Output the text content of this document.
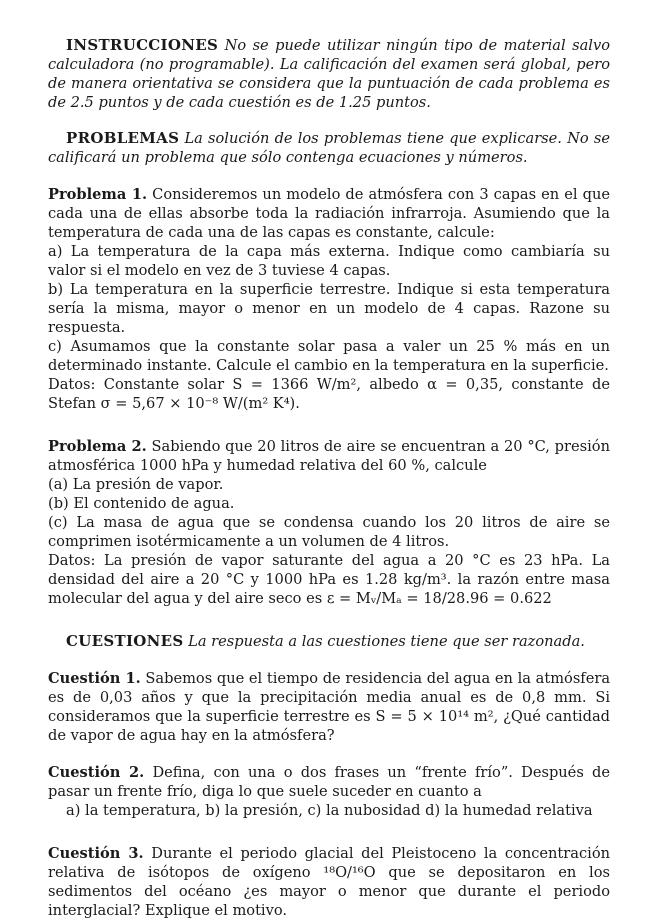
INSTRUCCIONES No se puede utilizar ningún tipo de material salvo calculadora (no programable). La calificación del examen será global, pero de manera orientativa se considera que la puntuación de cada problema es de 2.5 puntos y de cada cuestión es de 1.25 puntos.

PROBLEMAS La solución de los problemas tiene que explicarse. No se calificará un problema que sólo contenga ecuaciones y números.

Problema 1. Consideremos un modelo de atmósfera con 3 capas en el que cada una de ellas absorbe toda la radiación infrarroja. Asumiendo que la temperatura de cada una de las capas es constante, calcule:

a) La temperatura de la capa más externa. Indique como cambiaría su valor si el modelo en vez de 3 tuviese 4 capas.

b) La temperatura en la superficie terrestre. Indique si esta temperatura sería la misma, mayor o menor en un modelo de 4 capas. Razone su respuesta.

c) Asumamos que la constante solar pasa a valer un 25 % más en un determinado instante. Calcule el cambio en la temperatura en la superficie.

Datos: Constante solar S = 1366 W/m², albedo α = 0,35, constante de Stefan σ = 5,67 × 10⁻⁸ W/(m² K⁴).

Problema 2. Sabiendo que 20 litros de aire se encuentran a 20 °C, presión atmosférica 1000 hPa y humedad relativa del 60 %, calcule

(a) La presión de vapor.

(b) El contenido de agua.

(c) La masa de agua que se condensa cuando los 20 litros de aire se comprimen isotérmicamente a un volumen de 4 litros.

Datos: La presión de vapor saturante del agua a 20 °C es 23 hPa. La densidad del aire a 20 °C y 1000 hPa es 1.28 kg/m³. la razón entre masa molecular del agua y del aire seco es ε = Mᵥ/Mₐ = 18/28.96 = 0.622

CUESTIONES La respuesta a las cuestiones tiene que ser razonada.

Cuestión 1. Sabemos que el tiempo de residencia del agua en la atmósfera es de 0,03 años y que la precipitación media anual es de 0,8 mm. Si consideramos que la superficie terrestre es S = 5 × 10¹⁴ m², ¿Qué cantidad de vapor de agua hay en la atmósfera?

Cuestión 2. Defina, con una o dos frases un “frente frío”. Después de pasar un frente frío, diga lo que suele suceder en cuanto a

a) la temperatura, b) la presión, c) la nubosidad d) la humedad relativa

Cuestión 3. Durante el periodo glacial del Pleistoceno la concentración relativa de isótopos de oxígeno ¹⁸O/¹⁶O que se depositaron en los sedimentos del océano ¿es mayor o menor que durante el periodo interglacial? Explique el motivo.
